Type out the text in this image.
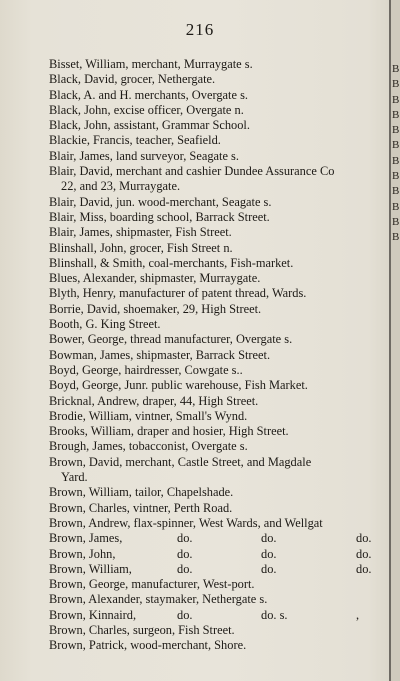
216
Bisset, William, merchant, Murraygate s.
Black, David, grocer, Nethergate.
Black, A. and H. merchants, Overgate s.
Black, John, excise officer, Overgate n.
Black, John, assistant, Grammar School.
Blackie, Francis, teacher, Seafield.
Blair, James, land surveyor, Seagate s.
Blair, David, merchant and cashier Dundee Assurance Co
22, and 23, Murraygate.
Blair, David, jun. wood-merchant, Seagate s.
Blair, Miss, boarding school, Barrack Street.
Blair, James, shipmaster, Fish Street.
Blinshall, John, grocer, Fish Street n.
Blinshall, & Smith, coal-merchants, Fish-market.
Blues, Alexander, shipmaster, Murraygate.
Blyth, Henry, manufacturer of patent thread, Wards.
Borrie, David, shoemaker, 29, High Street.
Booth, G. King Street.
Bower, George, thread manufacturer, Overgate s.
Bowman, James, shipmaster, Barrack Street.
Boyd, George, hairdresser, Cowgate s..
Boyd, George, Junr. public warehouse, Fish Market.
Bricknal, Andrew, draper, 44, High Street.
Brodie, William, vintner, Small's Wynd.
Brooks, William, draper and hosier, High Street.
Brough, James, tobacconist, Overgate s.
Brown, David, merchant, Castle Street, and Magdale
Yard.
Brown, William, tailor, Chapelshade.
Brown, Charles, vintner, Perth Road.
Brown, Andrew, flax-spinner, West Wards, and Wellgat
Brown, James,	do.	do.	do.
Brown, John,	do.	do.	do.
Brown, William,	do.	do.	do.
Brown, George, manufacturer, West-port.
Brown, Alexander, staymaker, Nethergate s.
Brown, Kinnaird,	do.	do. s.	,
Brown, Charles, surgeon, Fish Street.
Brown, Patrick, wood-merchant, Shore.
B
B
B
B
B
B
B
B
B
B
B
B
